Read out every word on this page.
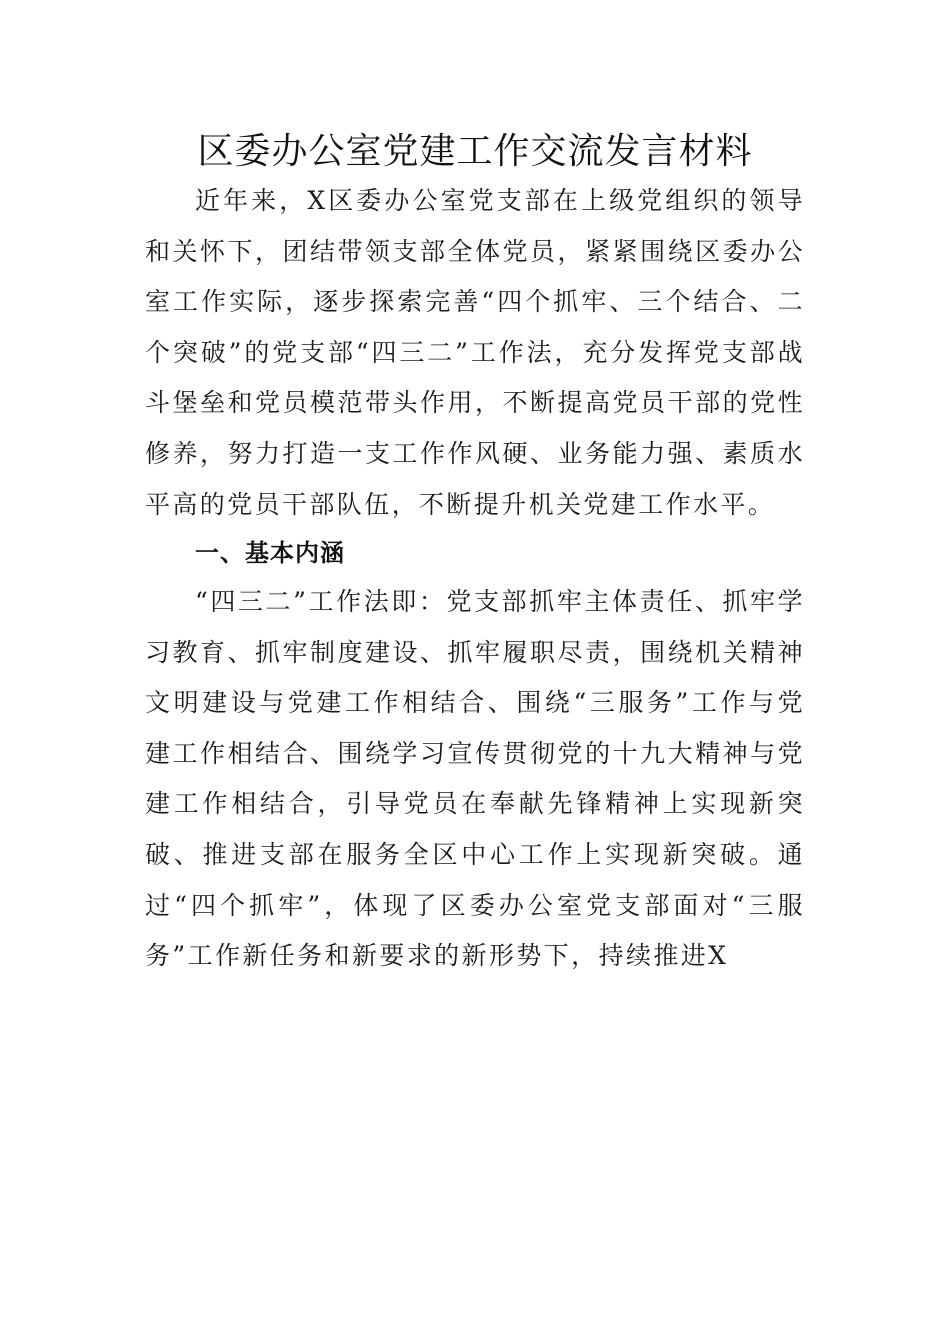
区委办公室党建工作交流发言材料

近年来，X区委办公室党支部在上级党组织的领导和关怀下，团结带领支部全体党员，紧紧围绕区委办公室工作实际，逐步探索完善“四个抓牢、三个结合、二个突破”的党支部“四三二”工作法，充分发挥党支部战斗堡垒和党员模范带头作用，不断提高党员干部的党性修养，努力打造一支工作作风硬、业务能力强、素质水平高的党员干部队伍，不断提升机关党建工作水平。

一、基本内涵

“四三二”工作法即：党支部抓牢主体责任、抓牢学习教育、抓牢制度建设、抓牢履职尽责，围绕机关精神文明建设与党建工作相结合、围绕“三服务”工作与党建工作相结合、围绕学习宣传贯彻党的十九大精神与党建工作相结合，引导党员在奉献先锋精神上实现新突破、推进支部在服务全区中心工作上实现新突破。通过“四个抓牢”，体现了区委办公室党支部面对“三服务”工作新任务和新要求的新形势下，持续推进X
